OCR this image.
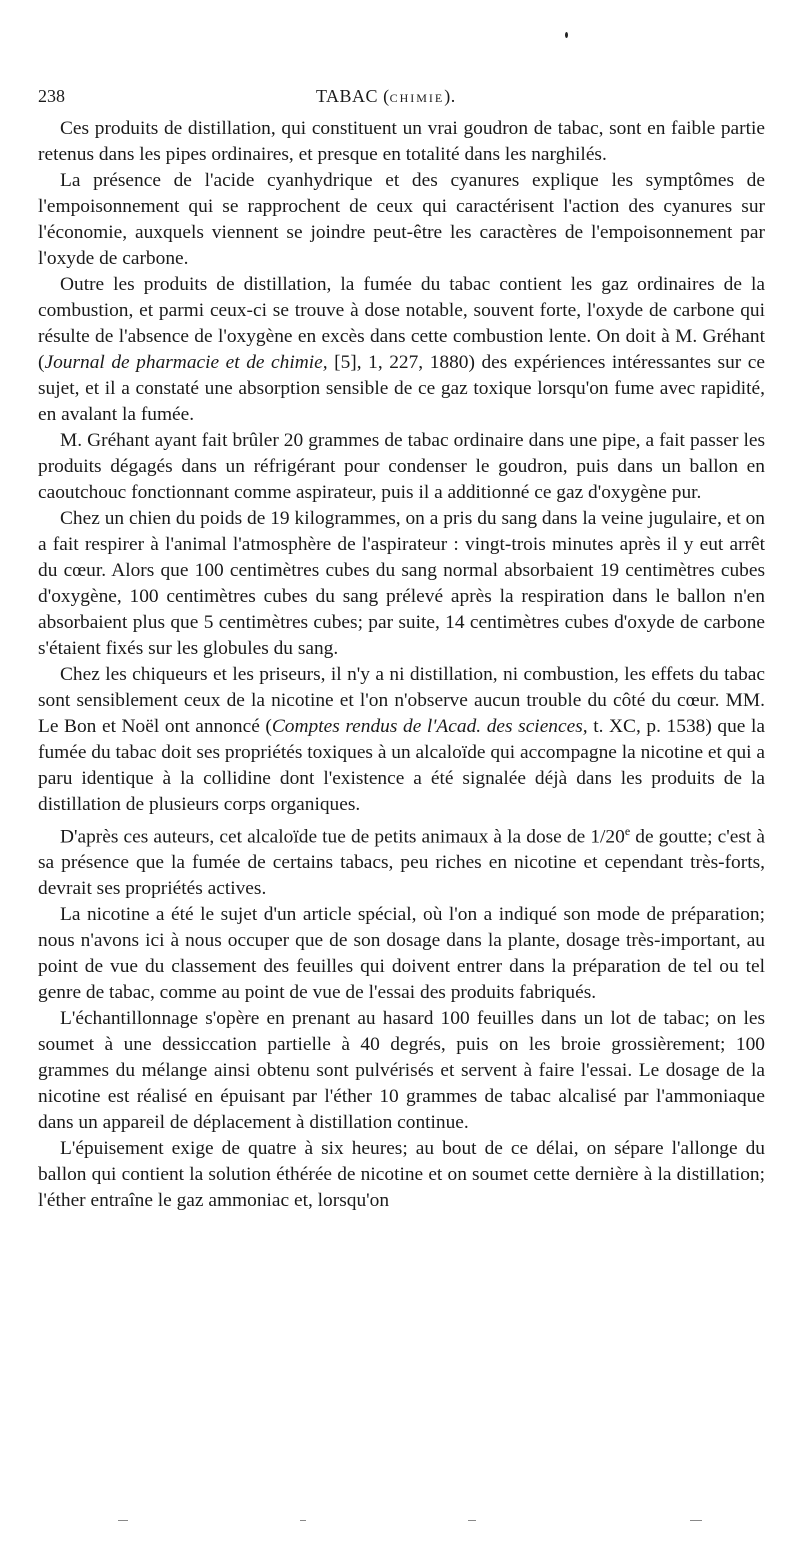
238	TABAC (CHIMIE).

Ces produits de distillation, qui constituent un vrai goudron de tabac, sont en faible partie retenus dans les pipes ordinaires, et presque en totalité dans les narghilés.

La présence de l'acide cyanhydrique et des cyanures explique les symptômes de l'empoisonnement qui se rapprochent de ceux qui caractérisent l'action des cyanures sur l'économie, auxquels viennent se joindre peut-être les caractères de l'empoisonnement par l'oxyde de carbone.

Outre les produits de distillation, la fumée du tabac contient les gaz ordinaires de la combustion, et parmi ceux-ci se trouve à dose notable, souvent forte, l'oxyde de carbone qui résulte de l'absence de l'oxygène en excès dans cette combustion lente. On doit à M. Gréhant (Journal de pharmacie et de chimie, [5], 1, 227, 1880) des expériences intéressantes sur ce sujet, et il a constaté une absorption sensible de ce gaz toxique lorsqu'on fume avec rapidité, en avalant la fumée.

M. Gréhant ayant fait brûler 20 grammes de tabac ordinaire dans une pipe, a fait passer les produits dégagés dans un réfrigérant pour condenser le goudron, puis dans un ballon en caoutchouc fonctionnant comme aspirateur, puis il a additionné ce gaz d'oxygène pur.

Chez un chien du poids de 19 kilogrammes, on a pris du sang dans la veine jugulaire, et on a fait respirer à l'animal l'atmosphère de l'aspirateur : vingt-trois minutes après il y eut arrêt du cœur. Alors que 100 centimètres cubes du sang normal absorbaient 19 centimètres cubes d'oxygène, 100 centimètres cubes du sang prélevé après la respiration dans le ballon n'en absorbaient plus que 5 centimètres cubes; par suite, 14 centimètres cubes d'oxyde de carbone s'étaient fixés sur les globules du sang.

Chez les chiqueurs et les priseurs, il n'y a ni distillation, ni combustion, les effets du tabac sont sensiblement ceux de la nicotine et l'on n'observe aucun trouble du côté du cœur. MM. Le Bon et Noël ont annoncé (Comptes rendus de l'Acad. des sciences, t. XC, p. 1538) que la fumée du tabac doit ses propriétés toxiques à un alcaloïde qui accompagne la nicotine et qui a paru identique à la collidine dont l'existence a été signalée déjà dans les produits de la distillation de plusieurs corps organiques.

D'après ces auteurs, cet alcaloïde tue de petits animaux à la dose de 1/20e de goutte; c'est à sa présence que la fumée de certains tabacs, peu riches en nicotine et cependant très-forts, devrait ses propriétés actives.

La nicotine a été le sujet d'un article spécial, où l'on a indiqué son mode de préparation; nous n'avons ici à nous occuper que de son dosage dans la plante, dosage très-important, au point de vue du classement des feuilles qui doivent entrer dans la préparation de tel ou tel genre de tabac, comme au point de vue de l'essai des produits fabriqués.

L'échantillonnage s'opère en prenant au hasard 100 feuilles dans un lot de tabac; on les soumet à une dessiccation partielle à 40 degrés, puis on les broie grossièrement; 100 grammes du mélange ainsi obtenu sont pulvérisés et servent à faire l'essai. Le dosage de la nicotine est réalisé en épuisant par l'éther 10 grammes de tabac alcalisé par l'ammoniaque dans un appareil de déplacement à distillation continue.

L'épuisement exige de quatre à six heures; au bout de ce délai, on sépare l'allonge du ballon qui contient la solution éthérée de nicotine et on soumet cette dernière à la distillation; l'éther entraîne le gaz ammoniac et, lorsqu'on
